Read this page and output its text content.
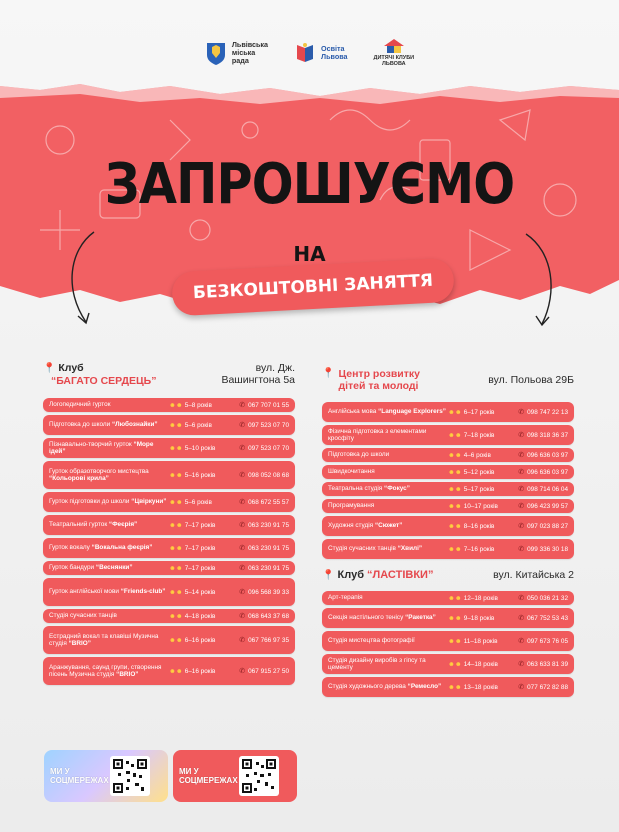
Львівська
міська
рада
Освіта
Львова	ДИТЯЧІ КЛУБИ
ЛЬВОВА
ЗАПРОШУЄМО
НА
БЕЗКОШТОВНІ ЗАНЯТТЯ
📍 Клуб
“БАГАТО СЕРДЕЦЬ”
вул. Дж.
Вашингтона 5а
Логопедичний гурток	☻☻ 5–8 років	✆ 067 707 01 55
Підготовка до школи “Любознайки”	☻☻ 5–6 років	✆ 097 523 07 70
Пізнавально-творчий гурток “Море ідей”	☻☻ 5–10 років	✆ 097 523 07 70
Гурток образотворчого мистецтва “Кольорові крила”	☻☻ 5–16 років	✆ 098 052 08 68
Гурток підготовки до школи “Цвіркуни” ☻☻ 5–6 років	✆ 068 672 55 57
Театральний гурток “Феєрія”	☻☻ 7–17 років	✆ 063 230 91 75
Гурток вокалу “Вокальна феєрія”	☻☻ 7–17 років	✆ 063 230 91 75
Гурток бандури “Веснянки”	☻☻ 7–17 років	✆ 063 230 91 75
Гурток англійської мови “Friends-club” ☻☻ 5–14 років	✆ 096 568 39 33
Студія сучасних танців	☻☻ 4–18 років	✆ 068 643 37 68
Естрадний вокал та клавіші Музична студія “BRIO”	☻☻ 6–16 років	✆ 067 766 97 35
Аранжування, саунд групи, створення пісень Музична студія “BRIO”	☻☻ 6–16 років	✆ 067 915 27 50
📍 Центр розвитку
дітей та молоді	вул. Польова 29Б
Англійська мова “Language Explorers” ☻☻ 6–17 років	✆ 098 747 22 13
Фізична підготовка з елементами кросфіту	☻☻ 7–18 років	✆ 098 318 36 37
Підготовка до школи	☻☻ 4–6 років	✆ 096 636 03 97
Швидкочитання	☻☻ 5–12 років	✆ 096 636 03 97
Театральна студія “Фокус”	☻☻ 5–17 років	✆ 098 714 06 04
Програмування	☻☻ 10–17 років	✆ 096 423 99 57
Художня студія “Сюжет”	☻☻ 8–16 років	✆ 097 023 88 27
Студія сучасних танців “Хвилі”	☻☻ 7–16 років	✆ 099 336 30 18
📍 Клуб “ЛАСТІВКИ”	вул. Китайська 2
Арт-терапія	☻☻ 12–18 років	✆ 050 036 21 32
Секція настільного тенісу “Ракетка”	☻☻ 9–18 років	✆ 067 752 53 43
Студія мистецтва фотографії	☻☻ 11–18 років	✆ 097 673 76 05
Студія дизайну виробів з гіпсу та цементу	☻☻ 14–18 років	✆ 063 633 81 39
Студія художнього дерева “Ремесло”	☻☻ 13–18 років	✆ 077 672 82 88
МИ У
СОЦМЕРЕЖАХ
МИ У
СОЦМЕРЕЖАХ
